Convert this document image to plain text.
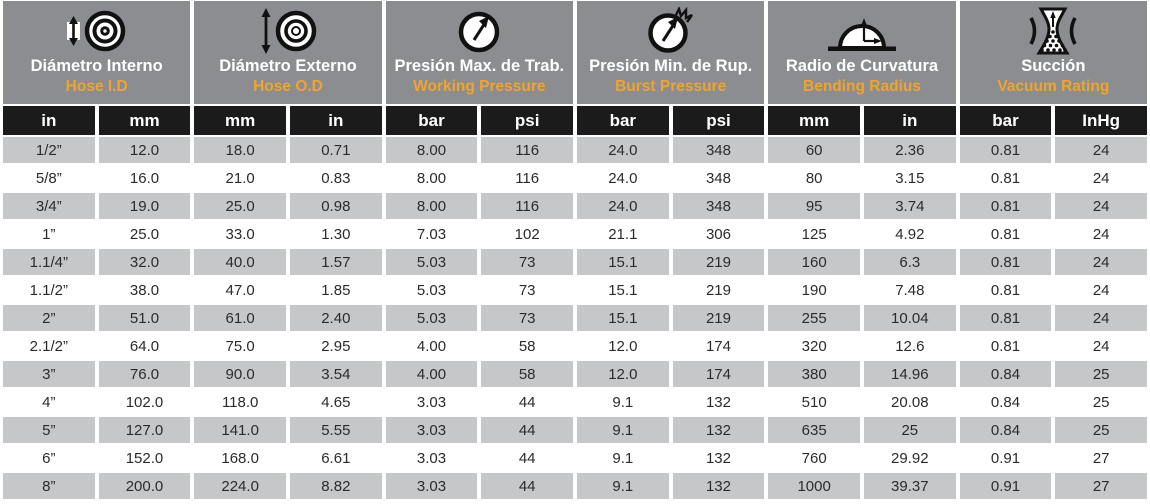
Diámetro Interno
Hose I.D
Diámetro Externo
Hose O.D
Presión Max. de Trab.
Working Pressure
Presión Min. de Rup.
Burst Pressure
Radio de Curvatura
Bending Radius
Succión
Vacuum Rating
in	mm	mm	in	bar	psi	bar	psi	mm	in	bar	InHg
1/2”	12.0	18.0	0.71	8.00	116	24.0	348	60	2.36	0.81	24
5/8”	16.0	21.0	0.83	8.00	116	24.0	348	80	3.15	0.81	24
3/4”	19.0	25.0	0.98	8.00	116	24.0	348	95	3.74	0.81	24
1”	25.0	33.0	1.30	7.03	102	21.1	306	125	4.92	0.81	24
1.1/4”	32.0	40.0	1.57	5.03	73	15.1	219	160	6.3	0.81	24
1.1/2”	38.0	47.0	1.85	5.03	73	15.1	219	190	7.48	0.81	24
2”	51.0	61.0	2.40	5.03	73	15.1	219	255	10.04	0.81	24
2.1/2”	64.0	75.0	2.95	4.00	58	12.0	174	320	12.6	0.81	24
3”	76.0	90.0	3.54	4.00	58	12.0	174	380	14.96	0.84	25
4”	102.0	118.0	4.65	3.03	44	9.1	132	510	20.08	0.84	25
5”	127.0	141.0	5.55	3.03	44	9.1	132	635	25	0.84	25
6”	152.0	168.0	6.61	3.03	44	9.1	132	760	29.92	0.91	27
8”	200.0	224.0	8.82	3.03	44	9.1	132	1000	39.37	0.91	27
